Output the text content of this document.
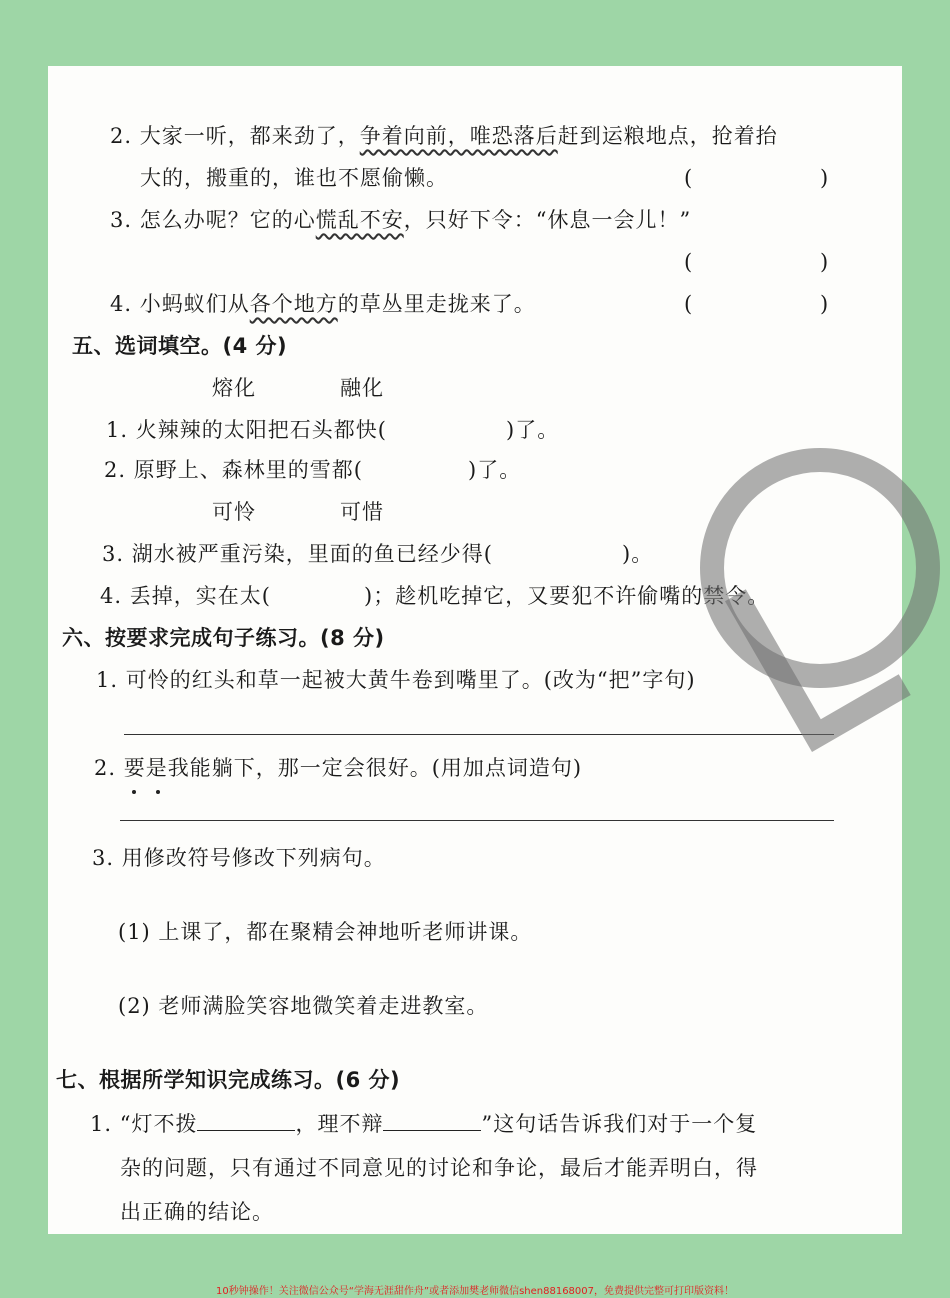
2. 大家一听，都来劲了，争着向前，唯恐落后赶到运粮地点，抢着抬
大的，搬重的，谁也不愿偷懒。	(	)
3. 怎么办呢？它的心慌乱不安，只好下令：“休息一会儿！”
(	)
4. 小蚂蚁们从各个地方的草丛里走拢来了。	(	)
五、选词填空。(4 分)
熔化	融化
1. 火辣辣的太阳把石头都快(	)了。
2. 原野上、森林里的雪都(	)了。
可怜	可惜
3. 湖水被严重污染，里面的鱼已经少得(	)。
4. 丢掉，实在太(	)；趁机吃掉它，又要犯不许偷嘴的禁令。
六、按要求完成句子练习。(8 分)
1. 可怜的红头和草一起被大黄牛卷到嘴里了。(改为“把”字句)
2. 要是我能躺下，那一定会很好。(用加点词造句)
3. 用修改符号修改下列病句。
(1) 上课了，都在聚精会神地听老师讲课。
(2) 老师满脸笑容地微笑着走进教室。
七、根据所学知识完成练习。(6 分)
1. “灯不拨	，理不辩	”这句话告诉我们对于一个复
杂的问题，只有通过不同意见的讨论和争论，最后才能弄明白，得
出正确的结论。
10秒钟操作！关注微信公众号“学海无涯甜作舟”或者添加樊老师微信shen88168007，免费提供完整可打印版资料！
